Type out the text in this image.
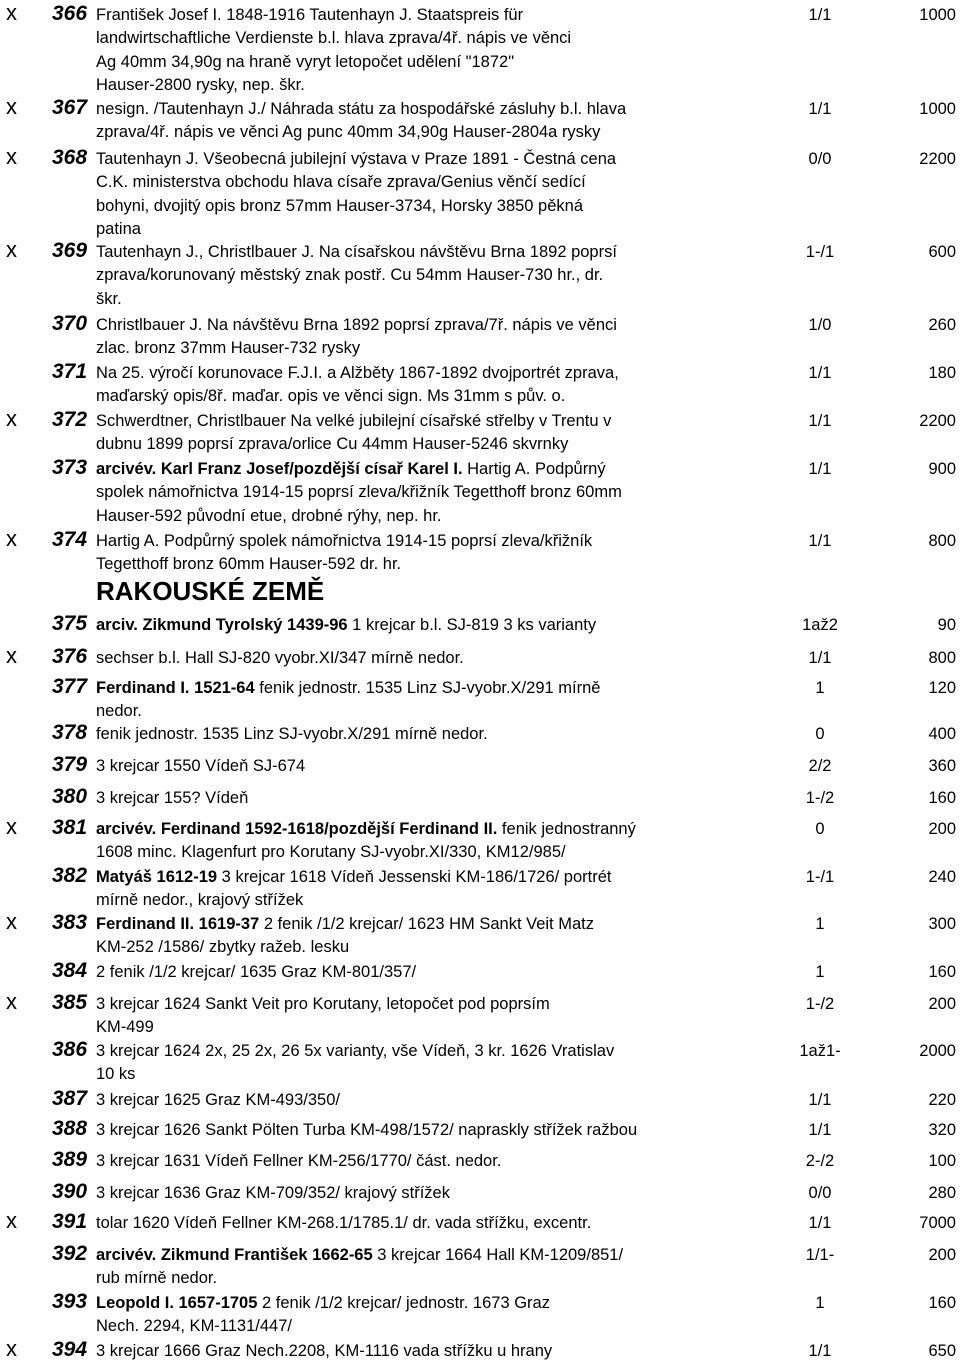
RAKOUSKÉ ZEMĚ
x 366 František Josef I. 1848-1916 Tautenhayn J. Staatspreis für
landwirtschaftliche Verdienste b.l. hlava zprava/4ř. nápis ve věnci
Ag 40mm 34,90g na hraně vyryt letopočet udělení "1872"
Hauser-2800 rysky, nep. škr.
1/1	1000
x 367 nesign. /Tautenhayn J./ Náhrada státu za hospodářské zásluhy b.l. hlava
zprava/4ř. nápis ve věnci Ag punc 40mm 34,90g Hauser-2804a rysky
1/1	1000
x 368 Tautenhayn J. Všeobecná jubilejní výstava v Praze 1891 - Čestná cena
C.K. ministerstva obchodu hlava císaře zprava/Genius věnčí sedící
bohyni, dvojitý opis bronz 57mm Hauser-3734, Horsky 3850 pěkná
patina
0/0	2200
x 369 Tautenhayn J., Christlbauer J. Na císařskou návštěvu Brna 1892 poprsí
zprava/korunovaný městský znak postř. Cu 54mm Hauser-730 hr., dr.
škr.
1-/1	600
370 Christlbauer J. Na návštěvu Brna 1892 poprsí zprava/7ř. nápis ve věnci
zlac. bronz 37mm Hauser-732 rysky
1/0	260
371 Na 25. výročí korunovace F.J.I. a Alžběty 1867-1892 dvojportrét zprava,
maďarský opis/8ř. maďar. opis ve věnci sign. Ms 31mm s pův. o.
1/1	180
x 372 Schwerdtner, Christlbauer Na velké jubilejní císařské střelby v Trentu v
dubnu 1899 poprsí zprava/orlice Cu 44mm Hauser-5246 skvrnky
1/1	2200
373 arcivév. Karl Franz Josef/pozdější císař Karel I. Hartig A. Podpůrný
spolek námořnictva 1914-15 poprsí zleva/křižník Tegetthoff bronz 60mm
Hauser-592 původní etue, drobné rýhy, nep. hr.
1/1	900
x 374 Hartig A. Podpůrný spolek námořnictva 1914-15 poprsí zleva/křižník
Tegetthoff bronz 60mm Hauser-592 dr. hr.
1/1	800
375 arciv. Zikmund Tyrolský 1439-96 1 krejcar b.l. SJ-819 3 ks varianty	1až2	90
x 376 sechser b.l. Hall SJ-820 vyobr.XI/347 mírně nedor.	1/1	800
377 Ferdinand I. 1521-64 fenik jednostr. 1535 Linz SJ-vyobr.X/291 mírně
nedor.
1	120
378 fenik jednostr. 1535 Linz SJ-vyobr.X/291 mírně nedor.	0	400
379 3 krejcar 1550 Vídeň SJ-674	2/2	360
380 3 krejcar 155? Vídeň	1-/2	160
x 381 arcivév. Ferdinand 1592-1618/pozdější Ferdinand II. fenik jednostranný
1608 minc. Klagenfurt pro Korutany SJ-vyobr.XI/330, KM12/985/
0	200
382 Matyáš 1612-19 3 krejcar 1618 Vídeň Jessenski KM-186/1726/ portrét
mírně nedor., krajový střížek
1-/1	240
x 383 Ferdinand II. 1619-37 2 fenik /1/2 krejcar/ 1623 HM Sankt Veit Matz
KM-252 /1586/ zbytky ražeb. lesku
1	300
384 2 fenik /1/2 krejcar/ 1635 Graz KM-801/357/	1	160
x 385 3 krejcar 1624 Sankt Veit pro Korutany, letopočet pod poprsím
KM-499
1-/2	200
386 3 krejcar 1624 2x, 25 2x, 26 5x varianty, vše Vídeň, 3 kr. 1626 Vratislav
10 ks
1až1-	2000
387 3 krejcar 1625 Graz KM-493/350/	1/1	220
388 3 krejcar 1626 Sankt Pölten Turba KM-498/1572/ napraskly střížek ražbou	1/1	320
389 3 krejcar 1631 Vídeň Fellner KM-256/1770/ část. nedor.	2-/2	100
390 3 krejcar 1636 Graz KM-709/352/ krajový střížek	0/0	280
x 391 tolar 1620 Vídeň Fellner KM-268.1/1785.1/ dr. vada střížku, excentr.	1/1	7000
392 arcivév. Zikmund František 1662-65 3 krejcar 1664 Hall KM-1209/851/
rub mírně nedor.
1/1-	200
393 Leopold I. 1657-1705 2 fenik /1/2 krejcar/ jednostr. 1673 Graz
Nech. 2294, KM-1131/447/
1	160
x 394 3 krejcar 1666 Graz Nech.2208, KM-1116 vada střížku u hrany	1/1	650
